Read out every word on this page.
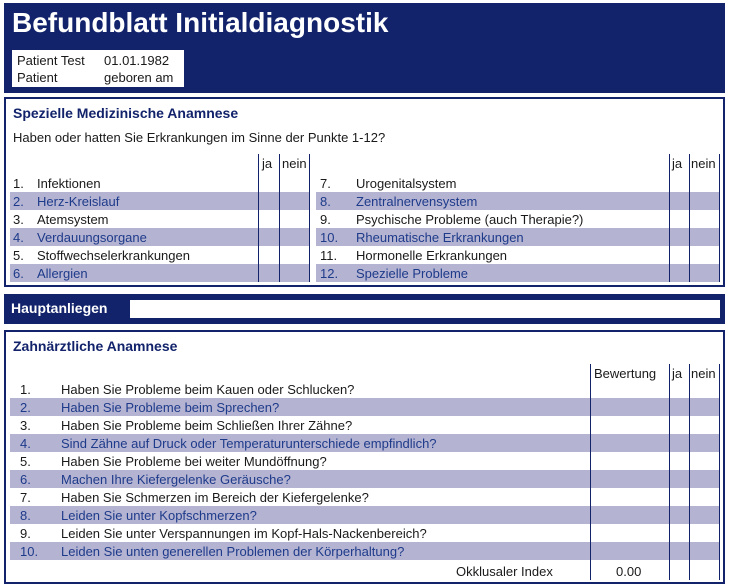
Befundblatt Initialdiagnostik
Patient Test 01.01.1982
Patient	geboren am
Spezielle Medizinische Anamnese
Haben oder hatten Sie Erkrankungen im Sinne der Punkte 1-12?
ja nein	ja nein
1. Infektionen
2. Herz-Kreislauf
3. Atemsystem
4. Verdauungsorgane
5. Stoffwechselerkrankungen
6. Allergien
7. Urogenitalsystem
8. Zentralnervensystem
9. Psychische Probleme (auch Therapie?)
10. Rheumatische Erkrankungen
11. Hormonelle Erkrankungen
12. Spezielle Probleme
Hauptanliegen
Zahnärztliche Anamnese
Bewertung ja nein
1. Haben Sie Probleme beim Kauen oder Schlucken?
2. Haben Sie Probleme beim Sprechen?
3. Haben Sie Probleme beim Schließen Ihrer Zähne?
4. Sind Zähne auf Druck oder Temperaturunterschiede empfindlich?
5. Haben Sie Probleme bei weiter Mundöffnung?
6. Machen Ihre Kiefergelenke Geräusche?
7. Haben Sie Schmerzen im Bereich der Kiefergelenke?
8. Leiden Sie unter Kopfschmerzen?
9. Leiden Sie unter Verspannungen im Kopf-Hals-Nackenbereich?
10. Leiden Sie unten generellen Problemen der Körperhaltung?
Okklusaler Index	0.00
